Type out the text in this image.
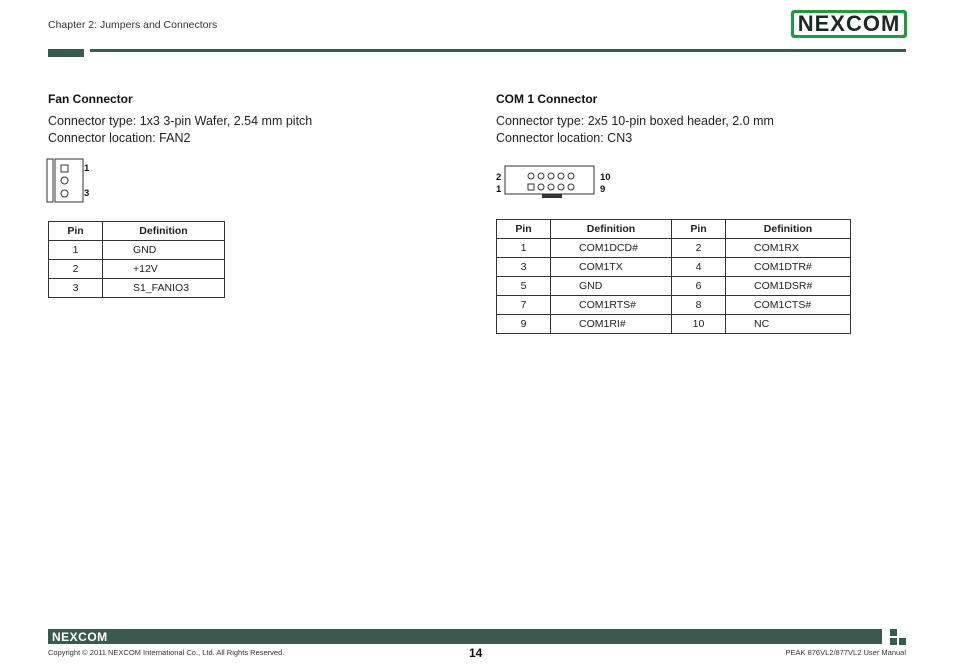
Chapter 2: Jumpers and Connectors	NEXCOM
Fan Connector
Connector type: 1x3 3-pin Wafer, 2.54 mm pitch
Connector location: FAN2
1
3
Pin	Definition
1	GND
2	+12V
3	S1_FANIO3
COM 1 Connector
Connector type: 2x5 10-pin boxed header, 2.0 mm
Connector location: CN3
2
1
10
9
Pin	Definition	Pin	Definition
1	COM1DCD#	2	COM1RX
3	COM1TX	4	COM1DTR#
5	GND	6	COM1DSR#
7	COM1RTS#	8	COM1CTS#
9	COM1RI#	10	NC
NEXCOM
Copyright © 2011 NEXCOM International Co., Ltd. All Rights Reserved.	14	PEAK 876VL2/877VL2 User Manual
